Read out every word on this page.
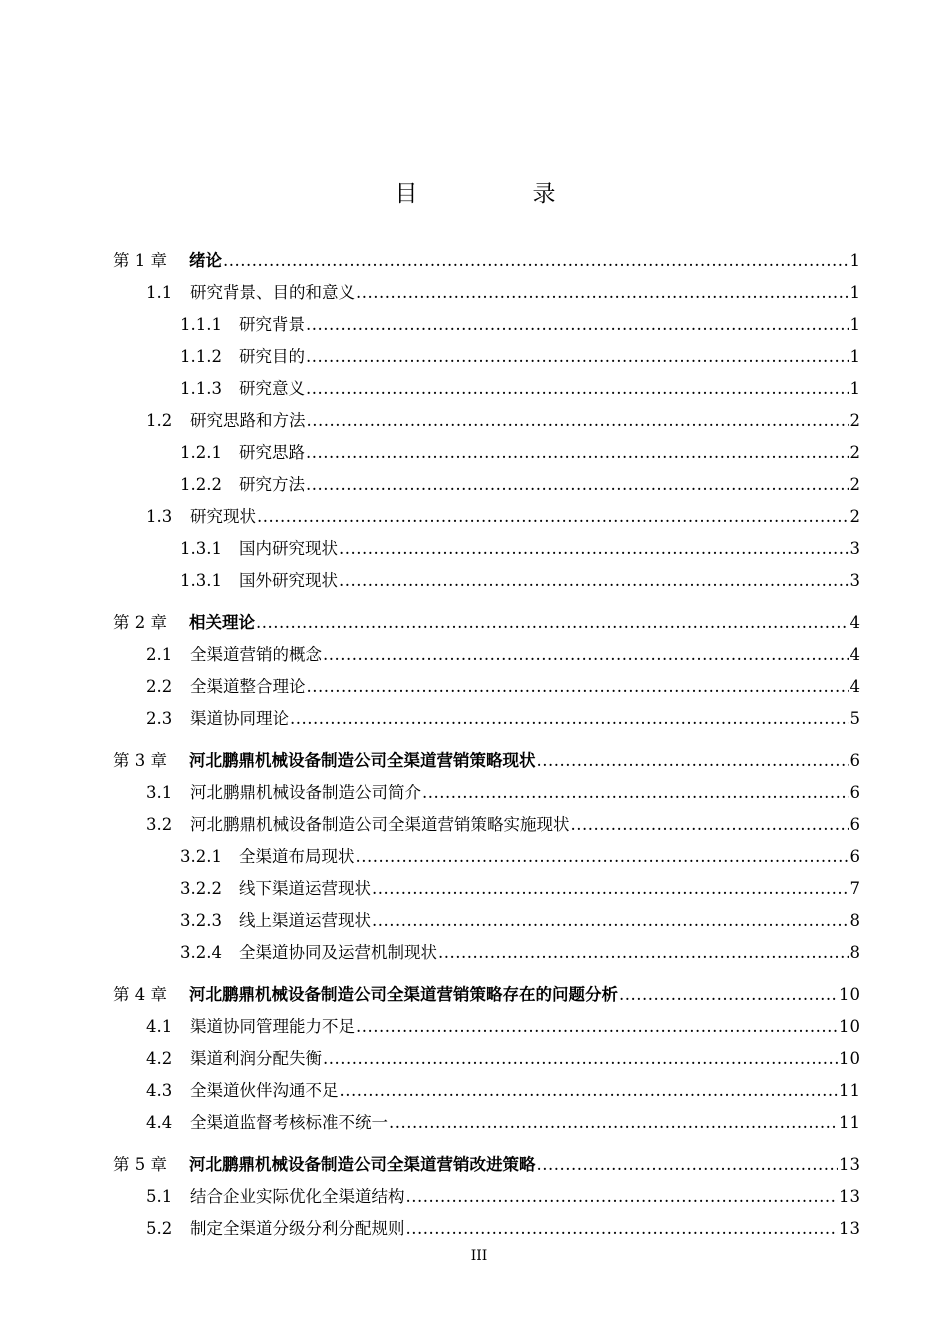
目　录
第 1 章	绪论 .....	1
1.1	研究背景、目的和意义 .....	1
1.1.1	研究背景 .....	1
1.1.2	研究目的 .....	1
1.1.3	研究意义 .....	1
1.2	研究思路和方法 .....	2
1.2.1	研究思路 .....	2
1.2.2	研究方法 .....	2
1.3	研究现状 .....	2
1.3.1	国内研究现状 .....	3
1.3.1	国外研究现状 .....	3
第 2 章	相关理论 .....	4
2.1	全渠道营销的概念 .....	4
2.2	全渠道整合理论 .....	4
2.3	渠道协同理论 .....	5
第 3 章	河北鹏鼎机械设备制造公司全渠道营销策略现状 .....	6
3.1	河北鹏鼎机械设备制造公司简介 .....	6
3.2	河北鹏鼎机械设备制造公司全渠道营销策略实施现状 .....	6
3.2.1	全渠道布局现状 .....	6
3.2.2	线下渠道运营现状 .....	7
3.2.3	线上渠道运营现状 .....	8
3.2.4	全渠道协同及运营机制现状 .....	8
第 4 章	河北鹏鼎机械设备制造公司全渠道营销策略存在的问题分析 .....	10
4.1	渠道协同管理能力不足 .....	10
4.2	渠道利润分配失衡 .....	10
4.3	全渠道伙伴沟通不足 .....	11
4.4	全渠道监督考核标准不统一 .....	11
第 5 章	河北鹏鼎机械设备制造公司全渠道营销改进策略 .....	13
5.1	结合企业实际优化全渠道结构 .....	13
5.2	制定全渠道分级分利分配规则 .....	13
III
